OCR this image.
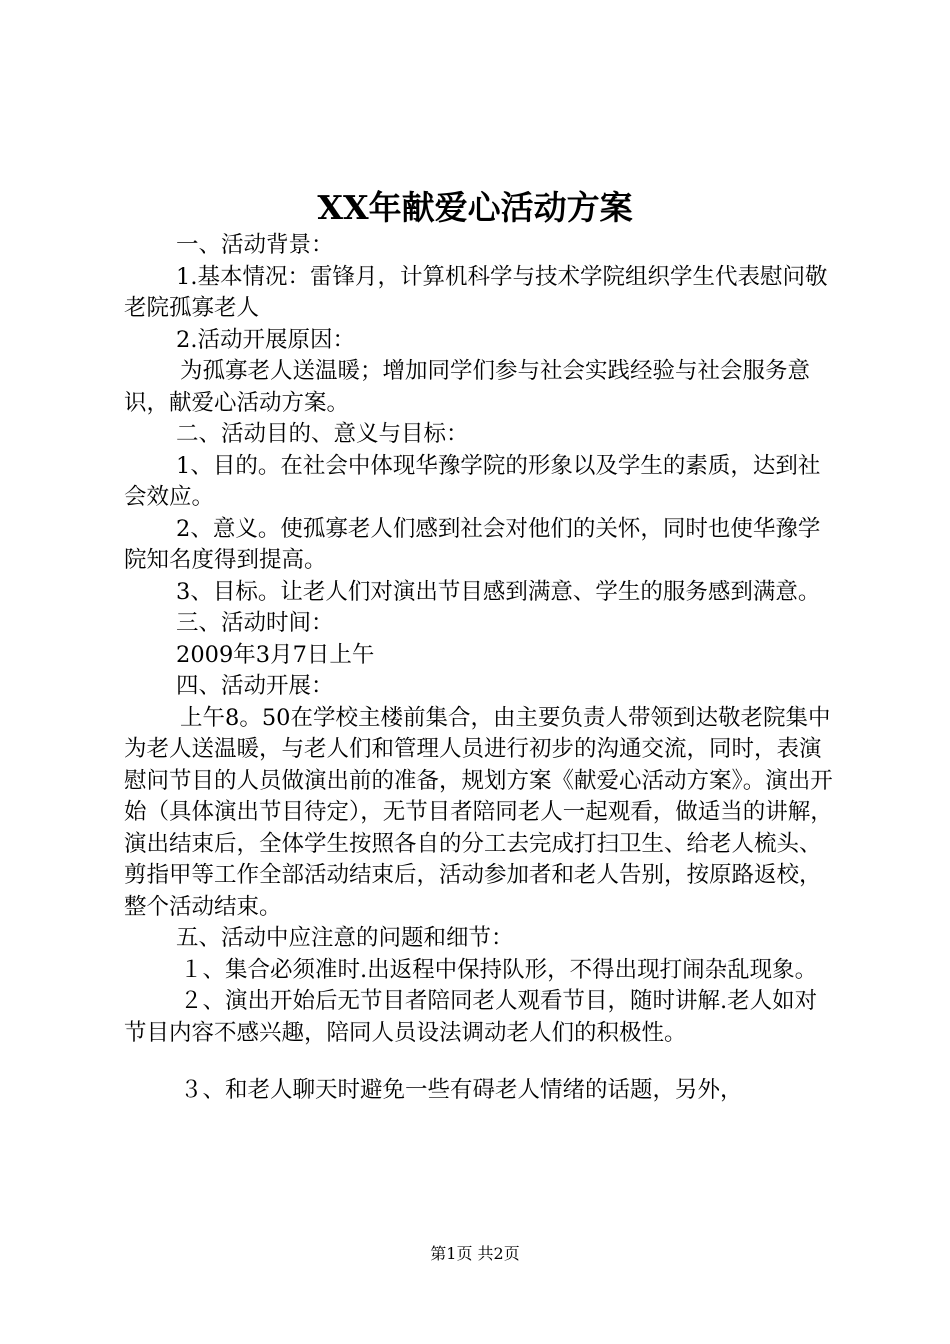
XX年献爱心活动方案

一、活动背景：

1.基本情况：雷锋月，计算机科学与技术学院组织学生代表慰问敬老院孤寡老人

2.活动开展原因：

为孤寡老人送温暖；增加同学们参与社会实践经验与社会服务意识，献爱心活动方案。

二、活动目的、意义与目标：

1、目的。在社会中体现华豫学院的形象以及学生的素质，达到社会效应。

2、意义。使孤寡老人们感到社会对他们的关怀，同时也使华豫学院知名度得到提高。

3、目标。让老人们对演出节目感到满意、学生的服务感到满意。

三、活动时间：

2009年3月7日上午

四、活动开展：

上午8。50在学校主楼前集合，由主要负责人带领到达敬老院集中为老人送温暖，与老人们和管理人员进行初步的沟通交流，同时，表演慰问节目的人员做演出前的准备，规划方案《献爱心活动方案》。演出开始（具体演出节目待定），无节目者陪同老人一起观看，做适当的讲解，演出结束后，全体学生按照各自的分工去完成打扫卫生、给老人梳头、剪指甲等工作全部活动结束后，活动参加者和老人告别，按原路返校，整个活动结束。

五、活动中应注意的问题和细节：

１、集合必须准时.出返程中保持队形，不得出现打闹杂乱现象。

２、演出开始后无节目者陪同老人观看节目，随时讲解.老人如对节目内容不感兴趣，陪同人员设法调动老人们的积极性。

３、和老人聊天时避免一些有碍老人情绪的话题，另外，

第1页 共2页
